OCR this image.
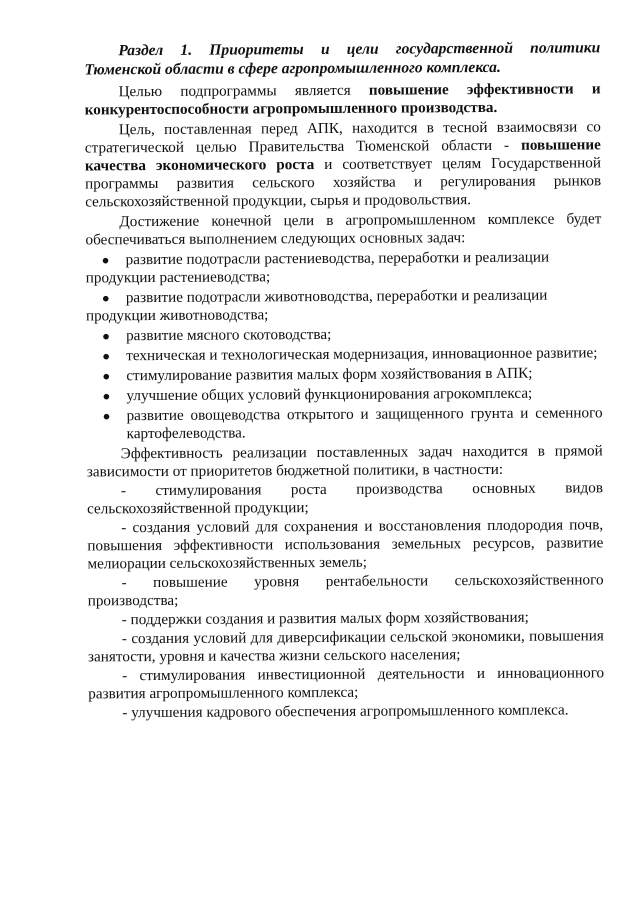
Раздел 1. Приоритеты и цели государственной политики Тюменской области в сфере агропромышленного комплекса.

Целью подпрограммы является повышение эффективности и конкурентоспособности агропромышленного производства.

Цель, поставленная перед АПК, находится в тесной взаимосвязи со стратегической целью Правительства Тюменской области - повышение качества экономического роста и соответствует целям Государственной программы развития сельского хозяйства и регулирования рынков сельскохозяйственной продукции, сырья и продовольствия.

Достижение конечной цели в агропромышленном комплексе будет обеспечиваться выполнением следующих основных задач:

● развитие подотрасли растениеводства, переработки и реализации продукции растениеводства;
● развитие подотрасли животноводства, переработки и реализации продукции животноводства;
●	развитие мясного скотоводства;
● техническая и технологическая модернизация, инновационное развитие;
●	стимулирование развития малых форм хозяйствования в АПК;
●	улучшение общих условий функционирования агрокомплекса;
●	развитие овощеводства открытого и защищенного грунта и семенного картофелеводства.

Эффективность реализации поставленных задач находится в прямой зависимости от приоритетов бюджетной политики, в частности:

- стимулирования роста производства основных видов сельскохозяйственной продукции;

- создания условий для сохранения и восстановления плодородия почв, повышения эффективности использования земельных ресурсов, развитие мелиорации сельскохозяйственных земель;

- повышение уровня рентабельности сельскохозяйственного производства;

- поддержки создания и развития малых форм хозяйствования;

- создания условий для диверсификации сельской экономики, повышения занятости, уровня и качества жизни сельского населения;

- стимулирования инвестиционной деятельности и инновационного развития агропромышленного комплекса;

- улучшения кадрового обеспечения агропромышленного комплекса.
